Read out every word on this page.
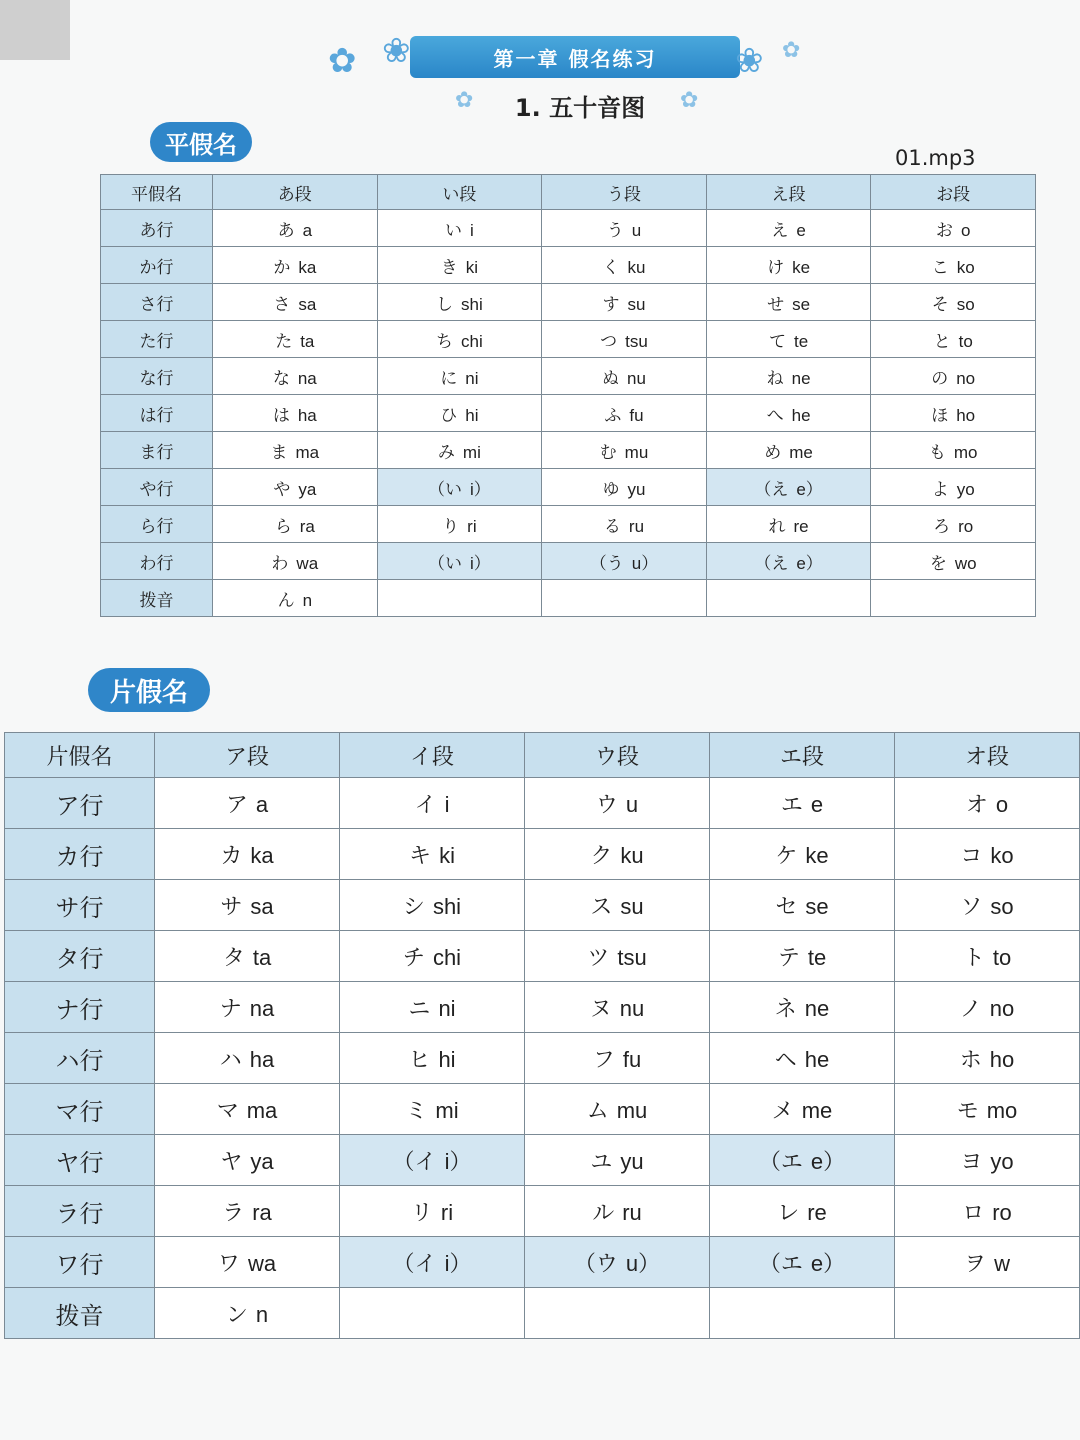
✿ ❀	第一章 假名练习	❀ ✿
✿	1. 五十音图	✿
平假名	01.mp3
平假名	あ段	い段	う段	え段	お段
あ行	あ a	い i	う u	え e	お o
か行	か ka	き ki	く ku	け ke	こ ko
さ行	さ sa	し shi	す su	せ se	そ so
た行	た ta	ち chi	つ tsu	て te	と to
な行	な na	に ni	ぬ nu	ね ne	の no
は行	は ha	ひ hi	ふ fu	へ he	ほ ho
ま行	ま ma	み mi	む mu	め me	も mo
や行	や ya	（い i）	ゆ yu	（え e）	よ yo
ら行	ら ra	り ri	る ru	れ re	ろ ro
わ行	わ wa	（い i）	（う u）	（え e）	を wo
拨音	ん n				
片假名
片假名	ア段	イ段	ウ段	エ段	オ段
ア行	ア a	イ i	ウ u	エ e	オ o
カ行	カ ka	キ ki	ク ku	ケ ke	コ ko
サ行	サ sa	シ shi	ス su	セ se	ソ so
タ行	タ ta	チ chi	ツ tsu	テ te	ト to
ナ行	ナ na	ニ ni	ヌ nu	ネ ne	ノ no
ハ行	ハ ha	ヒ hi	フ fu	ヘ he	ホ ho
マ行	マ ma	ミ mi	ム mu	メ me	モ mo
ヤ行	ヤ ya	（イ i）	ユ yu	（エ e）	ヨ yo
ラ行	ラ ra	リ ri	ル ru	レ re	ロ ro
ワ行	ワ wa	（イ i）	（ウ u）	（エ e）	ヲ w
拨音	ン n				
